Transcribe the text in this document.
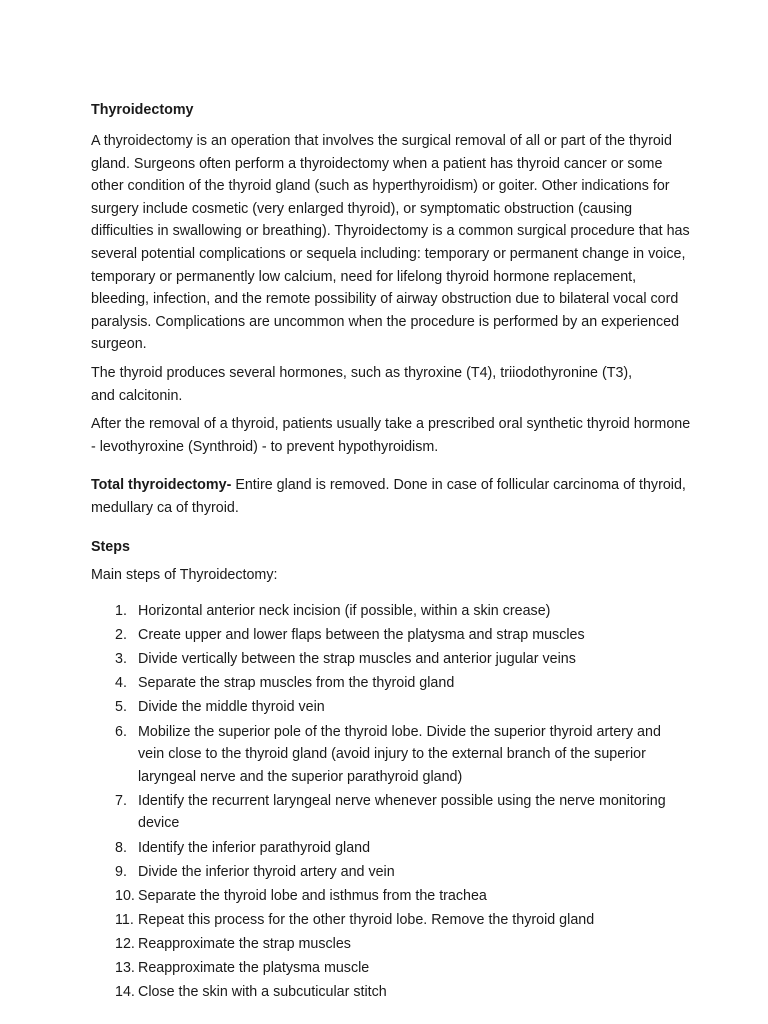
Thyroidectomy

A thyroidectomy is an operation that involves the surgical removal of all or part of the thyroid gland. Surgeons often perform a thyroidectomy when a patient has thyroid cancer or some other condition of the thyroid gland (such as hyperthyroidism) or goiter. Other indications for surgery include cosmetic (very enlarged thyroid), or symptomatic obstruction (causing difficulties in swallowing or breathing). Thyroidectomy is a common surgical procedure that has several potential complications or sequela including: temporary or permanent change in voice, temporary or permanently low calcium, need for lifelong thyroid hormone replacement, bleeding, infection, and the remote possibility of airway obstruction due to bilateral vocal cord paralysis. Complications are uncommon when the procedure is performed by an experienced surgeon.

The thyroid produces several hormones, such as thyroxine (T4), triiodothyronine (T3),
and calcitonin.

After the removal of a thyroid, patients usually take a prescribed oral synthetic thyroid hormone - levothyroxine (Synthroid) - to prevent hypothyroidism.

Total thyroidectomy- Entire gland is removed. Done in case of follicular carcinoma of thyroid, medullary ca of thyroid.

Steps

Main steps of Thyroidectomy:

1. Horizontal anterior neck incision (if possible, within a skin crease)
2. Create upper and lower flaps between the platysma and strap muscles
3. Divide vertically between the strap muscles and anterior jugular veins
4. Separate the strap muscles from the thyroid gland
5. Divide the middle thyroid vein
6. Mobilize the superior pole of the thyroid lobe. Divide the superior thyroid artery and vein close to the thyroid gland (avoid injury to the external branch of the superior laryngeal nerve and the superior parathyroid gland)
7. Identify the recurrent laryngeal nerve whenever possible using the nerve monitoring device
8. Identify the inferior parathyroid gland
9. Divide the inferior thyroid artery and vein
10. Separate the thyroid lobe and isthmus from the trachea
11. Repeat this process for the other thyroid lobe. Remove the thyroid gland
12. Reapproximate the strap muscles
13. Reapproximate the platysma muscle
14. Close the skin with a subcuticular stitch
